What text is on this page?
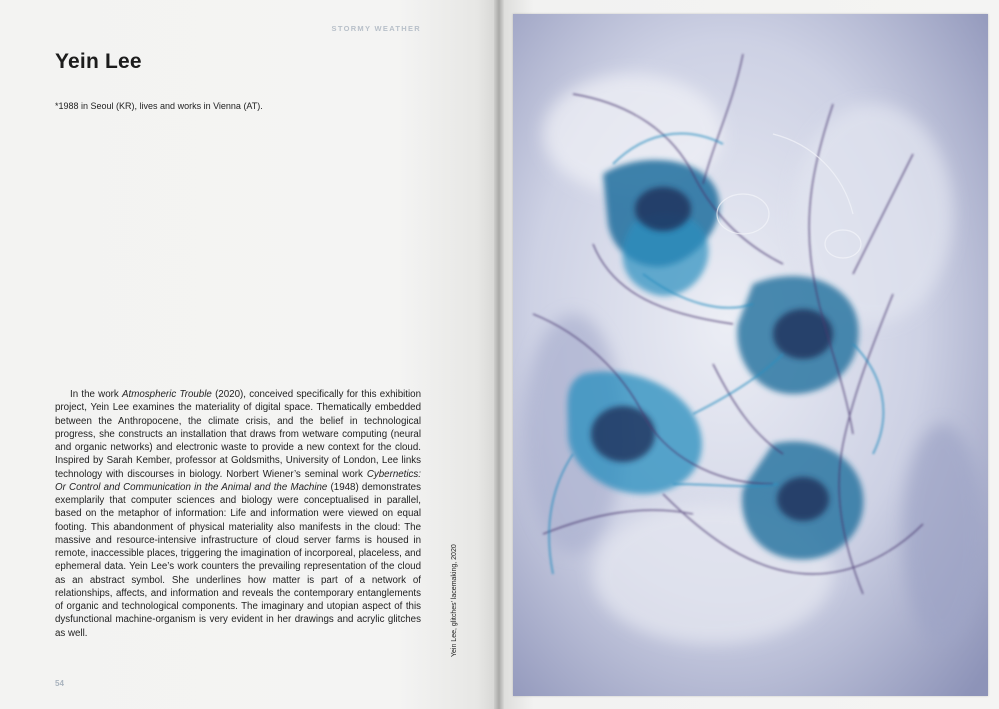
STORMY WEATHER
Yein Lee

*1988 in Seoul (KR), lives and works in Vienna (AT).

In the work Atmospheric Trouble (2020), conceived specifically for this exhibition project, Yein Lee examines the materiality of digital space. Thematically embedded between the Anthropocene, the climate crisis, and the belief in technological progress, she constructs an installation that draws from wetware computing (neural and organic networks) and electronic waste to provide a new context for the cloud. Inspired by Sarah Kember, professor at Goldsmiths, University of London, Lee links technology with discourses in biology. Norbert Wiener’s seminal work Cybernetics: Or Control and Communication in the Animal and the Machine (1948) demonstrates exemplarily that computer sciences and biology were conceptualised in parallel, based on the metaphor of information: Life and information were viewed on equal footing. This abandonment of physical materiality also manifests in the cloud: The massive and resource-intensive infrastructure of cloud server farms is housed in remote, inaccessible places, triggering the imagination of incorporeal, placeless, and ephemeral data. Yein Lee’s work counters the prevailing representation of the cloud as an abstract symbol. She underlines how matter is part of a network of relationships, affects, and information and reveals the contemporary entanglements of organic and technological components. The imaginary and utopian aspect of this dysfunctional machine-organism is very evident in her drawings and acrylic glitches as well.

54
Yein Lee, glitches’ lacemaking, 2020
